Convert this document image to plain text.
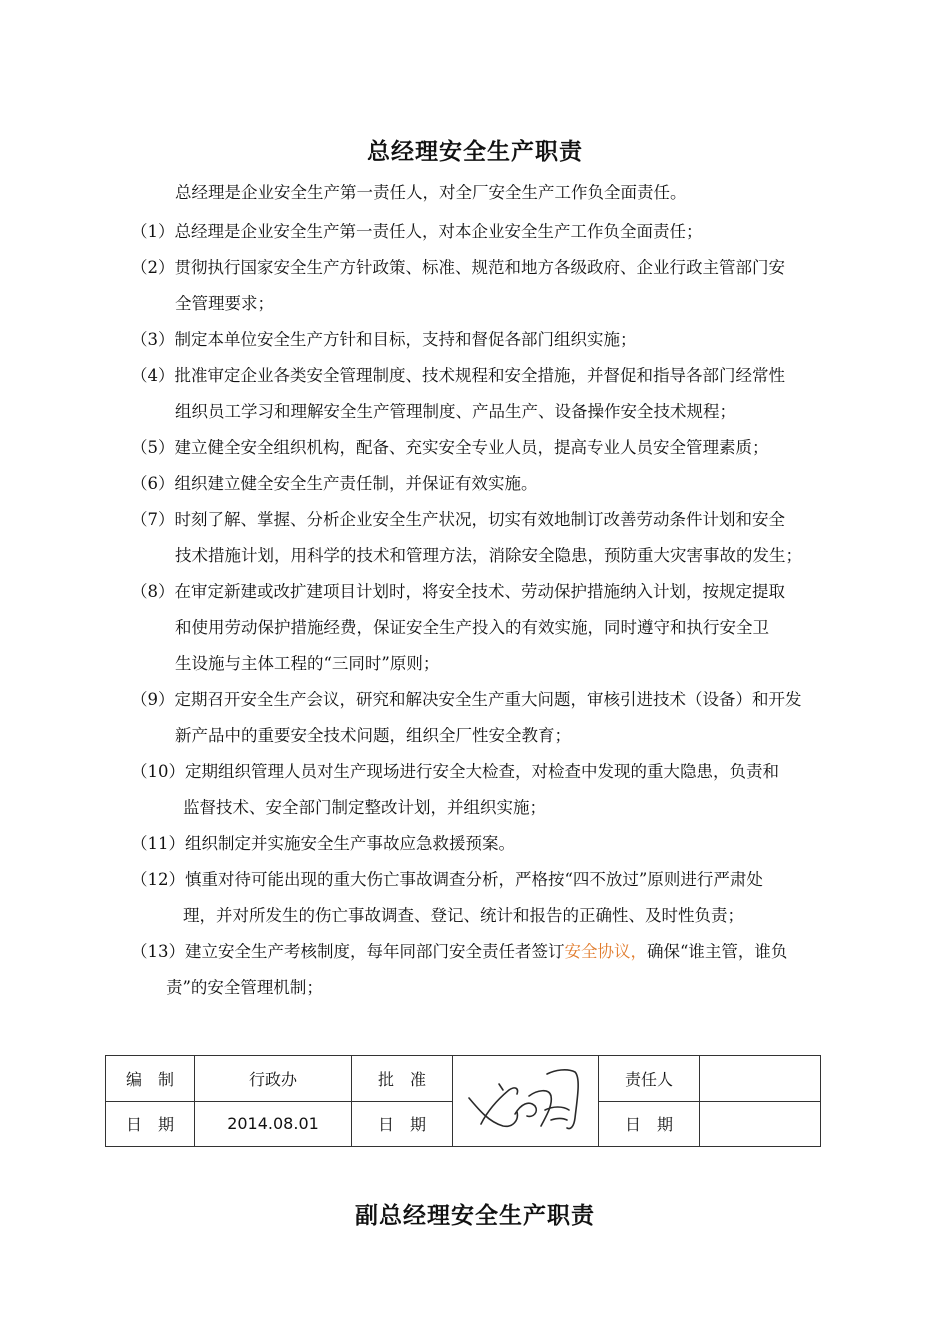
总经理安全生产职责
总经理是企业安全生产第一责任人，对全厂安全生产工作负全面责任。
（1）总经理是企业安全生产第一责任人，对本企业安全生产工作负全面责任；
（2）贯彻执行国家安全生产方针政策、标准、规范和地方各级政府、企业行政主管部门安
全管理要求；
（3）制定本单位安全生产方针和目标，支持和督促各部门组织实施；
（4）批准审定企业各类安全管理制度、技术规程和安全措施，并督促和指导各部门经常性
组织员工学习和理解安全生产管理制度、产品生产、设备操作安全技术规程；
（5）建立健全安全组织机构，配备、充实安全专业人员，提高专业人员安全管理素质；
（6）组织建立健全安全生产责任制，并保证有效实施。
（7）时刻了解、掌握、分析企业安全生产状况，切实有效地制订改善劳动条件计划和安全
技术措施计划，用科学的技术和管理方法，消除安全隐患，预防重大灾害事故的发生；
（8）在审定新建或改扩建项目计划时，将安全技术、劳动保护措施纳入计划，按规定提取
和使用劳动保护措施经费，保证安全生产投入的有效实施，同时遵守和执行安全卫
生设施与主体工程的“三同时”原则；
（9）定期召开安全生产会议，研究和解决安全生产重大问题，审核引进技术（设备）和开发
新产品中的重要安全技术问题，组织全厂性安全教育；
（10）定期组织管理人员对生产现场进行安全大检查，对检查中发现的重大隐患，负责和
监督技术、安全部门制定整改计划，并组织实施；
（11）组织制定并实施安全生产事故应急救援预案。
（12）慎重对待可能出现的重大伤亡事故调查分析，严格按“四不放过”原则进行严肃处
理，并对所发生的伤亡事故调查、登记、统计和报告的正确性、及时性负责；
（13）建立安全生产考核制度，每年同部门安全责任者签订安全协议，确保“谁主管，谁负
责”的安全管理机制；
编　制	行政办	批　准		责任人	
日　期	2014.08.01	日　期		日　期	
副总经理安全生产职责
